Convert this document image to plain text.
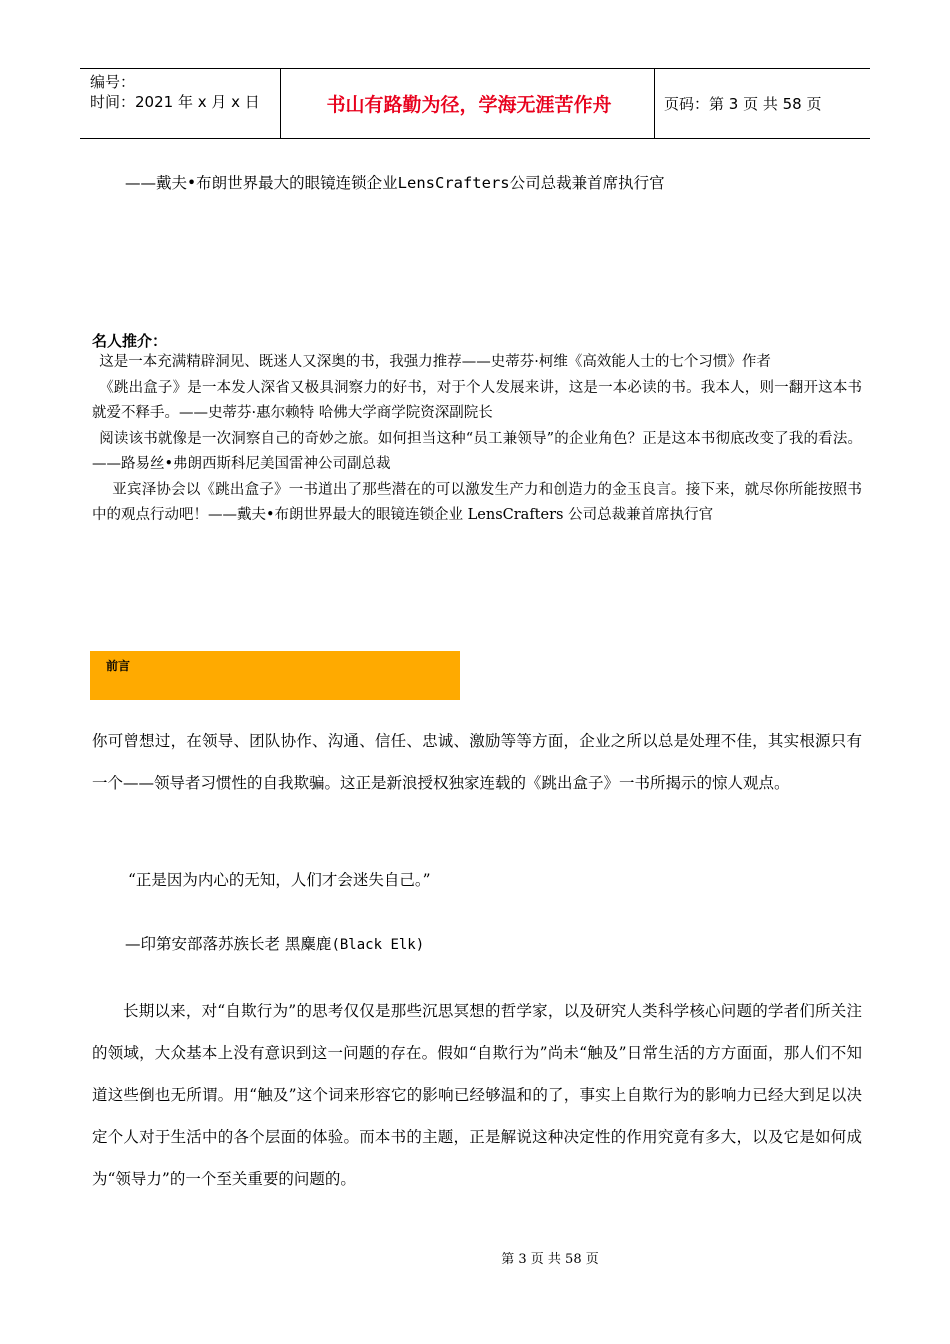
编号：
时间：2021 年 x 月 x 日	书山有路勤为径，学海无涯苦作舟	页码：第 3 页 共 58 页
——戴夫•布朗世界最大的眼镜连锁企业LensCrafters公司总裁兼首席执行官
名人推介：

这是一本充满精辟洞见、既迷人又深奥的书，我强力推荐——史蒂芬·柯维《高效能人士的七个习惯》作者

《跳出盒子》是一本发人深省又极具洞察力的好书，对于个人发展来讲，这是一本必读的书。我本人，则一翻开这本书就爱不释手。——史蒂芬·惠尔赖特 哈佛大学商学院资深副院长

阅读该书就像是一次洞察自己的奇妙之旅。如何担当这种“员工兼领导”的企业角色？正是这本书彻底改变了我的看法。——路易丝•弗朗西斯科尼美国雷神公司副总裁

亚宾泽协会以《跳出盒子》一书道出了那些潜在的可以激发生产力和创造力的金玉良言。接下来，就尽你所能按照书中的观点行动吧！——戴夫•布朗世界最大的眼镜连锁企业 LensCrafters 公司总裁兼首席执行官

前言

你可曾想过，在领导、团队协作、沟通、信任、忠诚、激励等等方面，企业之所以总是处理不佳，其实根源只有一个——领导者习惯性的自我欺骗。这正是新浪授权独家连载的《跳出盒子》一书所揭示的惊人观点。

“正是因为内心的无知，人们才会迷失自己。”
—印第安部落苏族长老 黑麋鹿(Black Elk)

长期以来，对“自欺行为”的思考仅仅是那些沉思冥想的哲学家，以及研究人类科学核心问题的学者们所关注的领域，大众基本上没有意识到这一问题的存在。假如“自欺行为”尚未“触及”日常生活的方方面面，那人们不知道这些倒也无所谓。用“触及”这个词来形容它的影响已经够温和的了，事实上自欺行为的影响力已经大到足以决定个人对于生活中的各个层面的体验。而本书的主题，正是解说这种决定性的作用究竟有多大，以及它是如何成为“领导力”的一个至关重要的问题的。

第 3 页 共 58 页
